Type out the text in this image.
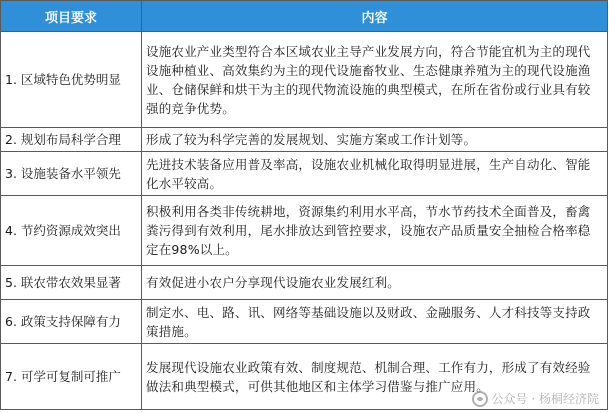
项目要求	内容
1. 区域特色优势明显	设施农业产业类型符合本区域农业主导产业发展方向，符合节能宜机为主的现代设施种植业、高效集约为主的现代设施畜牧业、生态健康养殖为主的现代设施渔业、仓储保鲜和烘干为主的现代物流设施的典型模式，在所在省份或行业具有较强的竞争优势。
2. 规划布局科学合理	形成了较为科学完善的发展规划、实施方案或工作计划等。
3. 设施装备水平领先	先进技术装备应用普及率高，设施农业机械化取得明显进展，生产自动化、智能化水平较高。
4. 节约资源成效突出	积极利用各类非传统耕地，资源集约利用水平高，节水节药技术全面普及，畜禽粪污得到有效利用，尾水排放达到管控要求，设施农产品质量安全抽检合格率稳定在98%以上。
5. 联农带农效果显著	有效促进小农户分享现代设施农业发展红利。
6. 政策支持保障有力	制定水、电、路、讯、网络等基础设施以及财政、金融服务、人才科技等支持政策措施。
7. 可学可复制可推广	发展现代设施农业政策有效、制度规范、机制合理、工作有力，形成了有效经验做法和典型模式，可供其他地区和主体学习借鉴与推广应用。
公众号 · 杨桐经济院
